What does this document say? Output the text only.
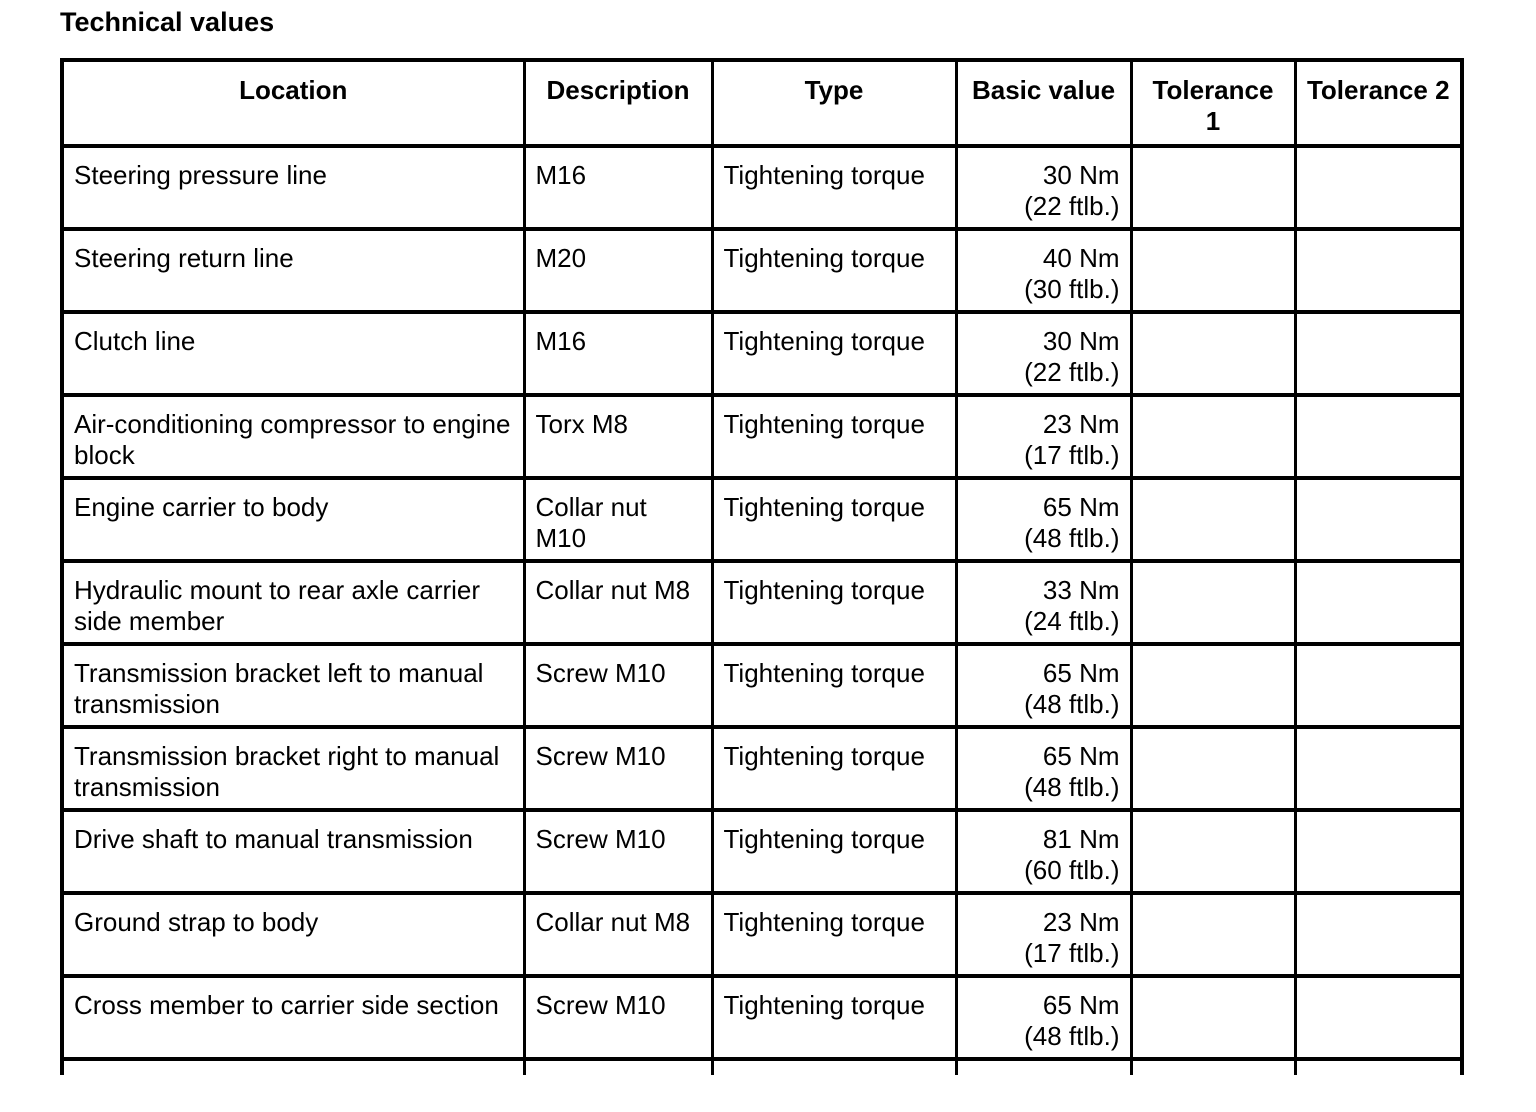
Technical values
Location	Description	Type	Basic value	Tolerance 1	Tolerance 2
Steering pressure line	M16	Tightening torque	30 Nm
(22 ftlb.)		

Steering return line	M20	Tightening torque	40 Nm
(30 ftlb.)		

Clutch line	M16	Tightening torque	30 Nm
(22 ftlb.)		

Air-conditioning compressor to engine block	Torx M8	Tightening torque	23 Nm
(17 ftlb.)		

Engine carrier to body	Collar nut M10	Tightening torque	65 Nm
(48 ftlb.)		

Hydraulic mount to rear axle carrier side member	Collar nut M8	Tightening torque	33 Nm
(24 ftlb.)		

Transmission bracket left to manual transmission	Screw M10	Tightening torque	65 Nm
(48 ftlb.)		

Transmission bracket right to manual transmission	Screw M10	Tightening torque	65 Nm
(48 ftlb.)		

Drive shaft to manual transmission	Screw M10	Tightening torque	81 Nm
(60 ftlb.)		

Ground strap to body	Collar nut M8	Tightening torque	23 Nm
(17 ftlb.)		

Cross member to carrier side section	Screw M10	Tightening torque	65 Nm
(48 ftlb.)		
